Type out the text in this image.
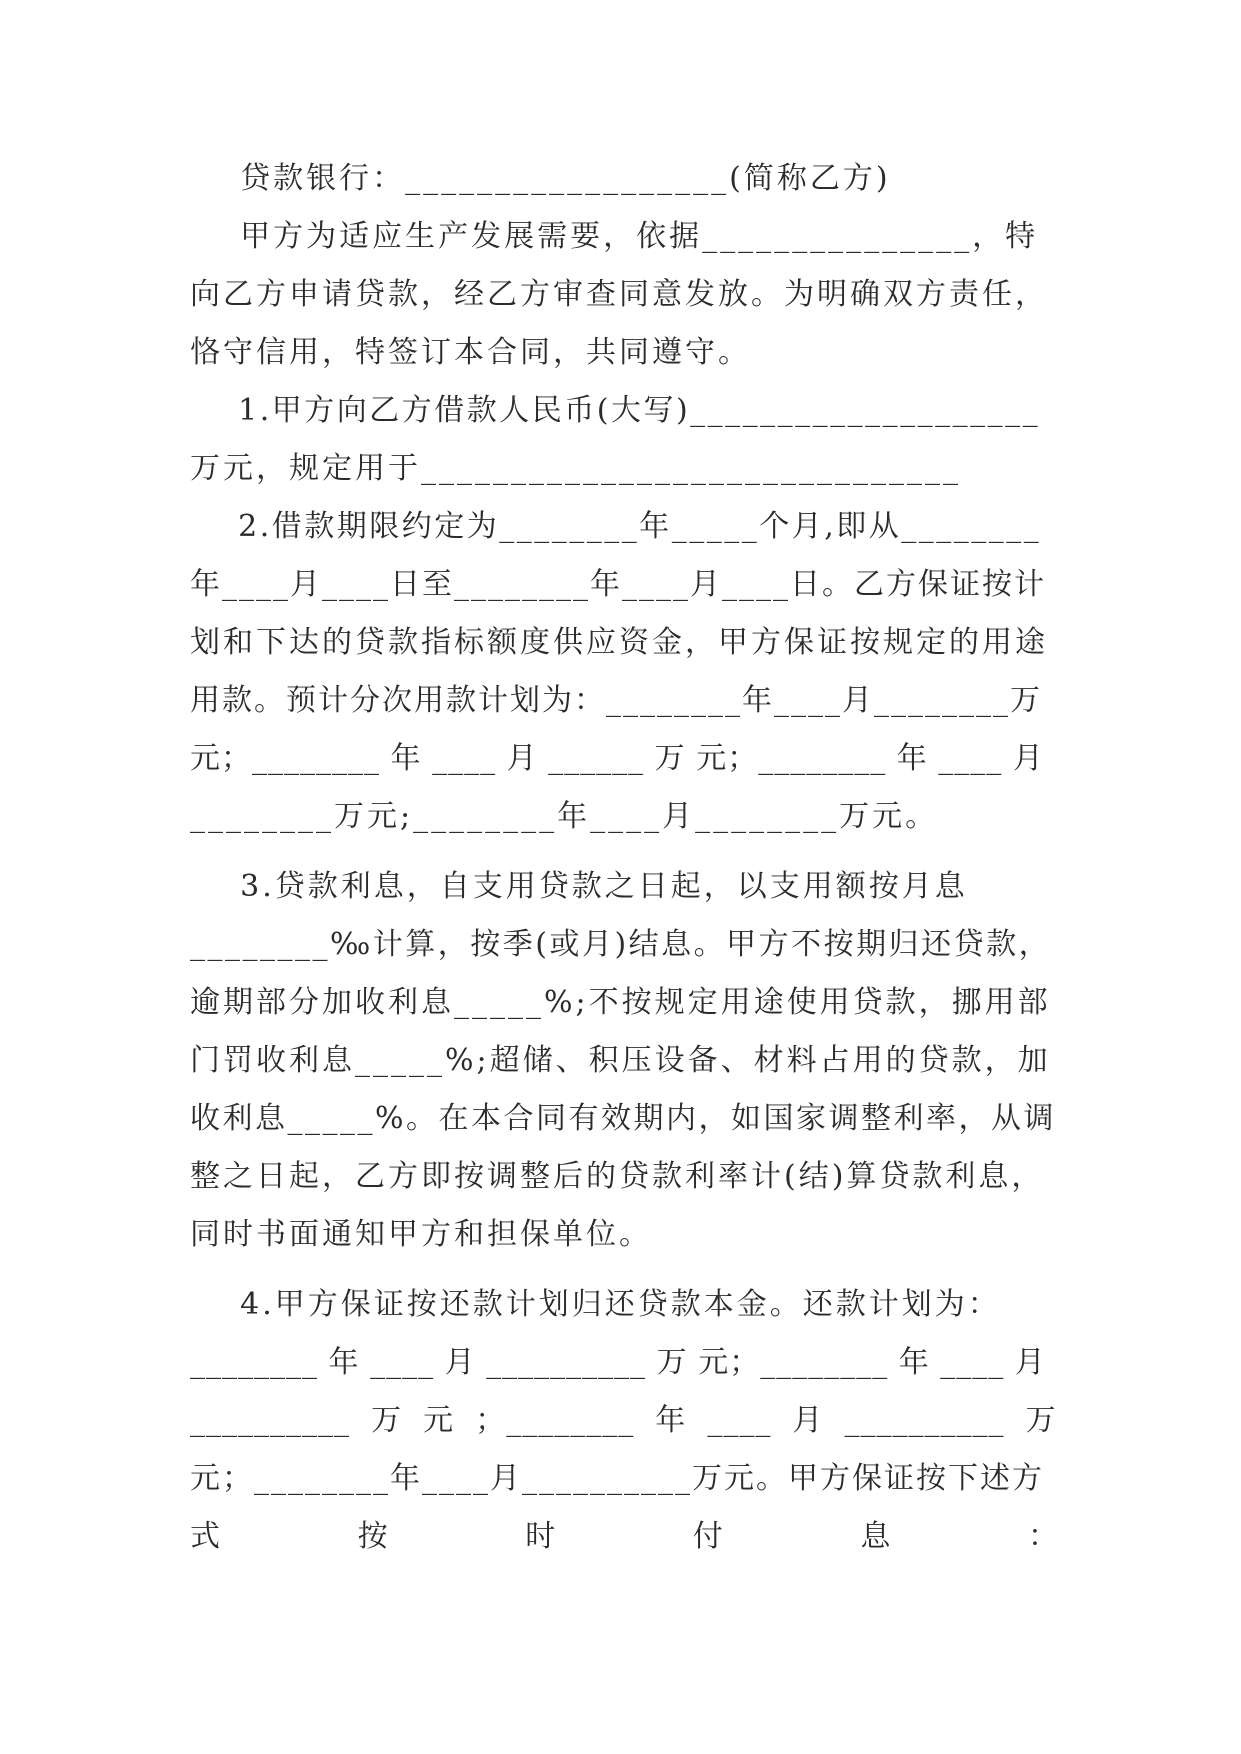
贷款银行：__________________(简称乙方)
甲方为适应生产发展需要，依据_______________，特
向乙方申请贷款，经乙方审查同意发放。为明确双方责任，
恪守信用，特签订本合同，共同遵守。
1.甲方向乙方借款人民币(大写)____________________
万元，规定用于______________________________
2.借款期限约定为________年_____个月,即从________
年____月____日至________年____月____日。乙方保证按计
划和下达的贷款指标额度供应资金，甲方保证按规定的用途
用款。预计分次用款计划为：________年____月________万
元；________ 年 ____ 月 ______ 万 元；________ 年 ____ 月
________万元;________年____月________万元。
3.贷款利息，自支用贷款之日起，以支用额按月息
________‰计算，按季(或月)结息。甲方不按期归还贷款，
逾期部分加收利息_____%;不按规定用途使用贷款，挪用部
门罚收利息_____%;超储、积压设备、材料占用的贷款，加
收利息_____%。在本合同有效期内，如国家调整利率，从调
整之日起，乙方即按调整后的贷款利率计(结)算贷款利息，
同时书面通知甲方和担保单位。
4.甲方保证按还款计划归还贷款本金。还款计划为：
________ 年 ____ 月 __________ 万 元；________ 年 ____ 月
__________  万  元  ；________  年  ____  月  __________  万
元；________年____月__________万元。甲方保证按下述方
式 按 时 付 息 ：
